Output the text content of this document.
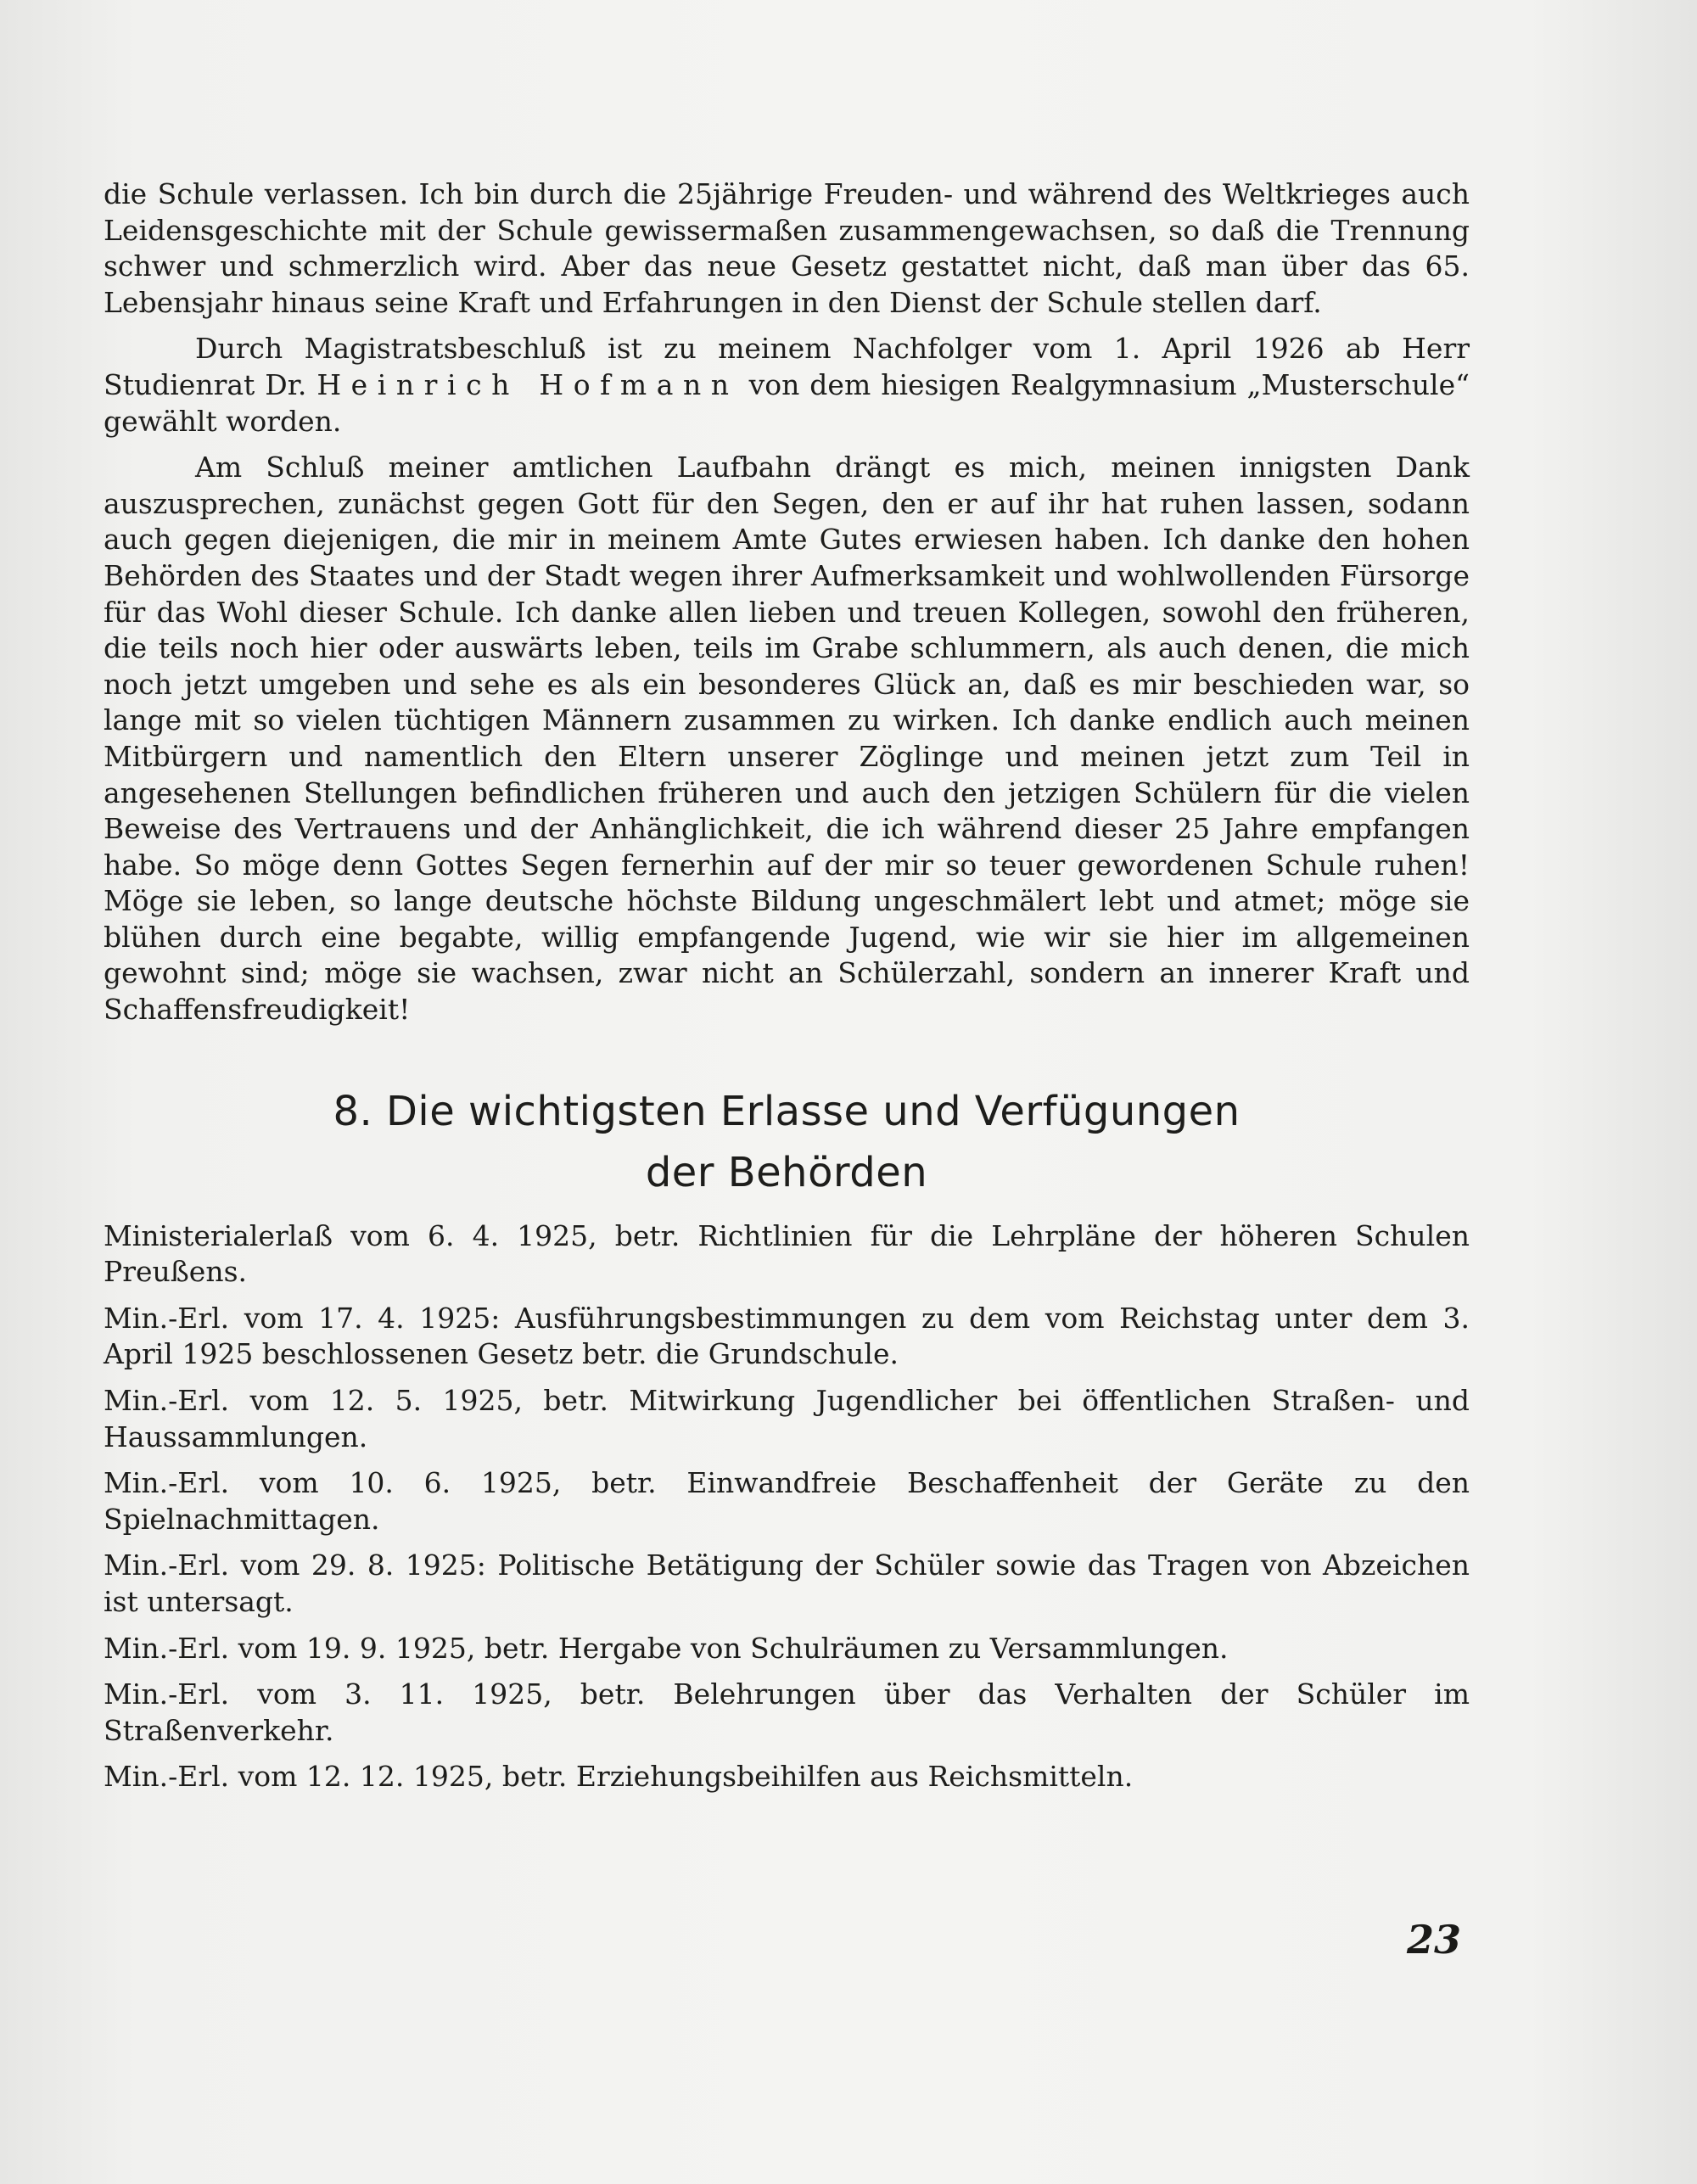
die Schule verlassen. Ich bin durch die 25jährige Freuden- und während des Weltkrieges auch Leidensgeschichte mit der Schule gewissermaßen zusammengewachsen, so daß die Trennung schwer und schmerzlich wird. Aber das neue Gesetz gestattet nicht, daß man über das 65. Lebensjahr hinaus seine Kraft und Erfahrungen in den Dienst der Schule stellen darf.

Durch Magistratsbeschluß ist zu meinem Nachfolger vom 1. April 1926 ab Herr Studienrat Dr. Heinrich Hofmann von dem hiesigen Realgymnasium „Musterschule“ gewählt worden.

Am Schluß meiner amtlichen Laufbahn drängt es mich, meinen innigsten Dank auszusprechen, zunächst gegen Gott für den Segen, den er auf ihr hat ruhen lassen, sodann auch gegen diejenigen, die mir in meinem Amte Gutes erwiesen haben. Ich danke den hohen Behörden des Staates und der Stadt wegen ihrer Aufmerksamkeit und wohlwollenden Fürsorge für das Wohl dieser Schule. Ich danke allen lieben und treuen Kollegen, sowohl den früheren, die teils noch hier oder auswärts leben, teils im Grabe schlummern, als auch denen, die mich noch jetzt umgeben und sehe es als ein besonderes Glück an, daß es mir beschieden war, so lange mit so vielen tüchtigen Männern zusammen zu wirken. Ich danke endlich auch meinen Mitbürgern und namentlich den Eltern unserer Zöglinge und meinen jetzt zum Teil in angesehenen Stellungen befindlichen früheren und auch den jetzigen Schülern für die vielen Beweise des Vertrauens und der Anhänglichkeit, die ich während dieser 25 Jahre empfangen habe. So möge denn Gottes Segen fernerhin auf der mir so teuer gewordenen Schule ruhen! Möge sie leben, so lange deutsche höchste Bildung ungeschmälert lebt und atmet; möge sie blühen durch eine begabte, willig empfangende Jugend, wie wir sie hier im allgemeinen gewohnt sind; möge sie wachsen, zwar nicht an Schülerzahl, sondern an innerer Kraft und Schaffensfreudigkeit!

8. Die wichtigsten Erlasse und Verfügungen
der Behörden

Ministerialerlaß vom 6. 4. 1925, betr. Richtlinien für die Lehrpläne der höheren Schulen Preußens.

Min.-Erl. vom 17. 4. 1925: Ausführungsbestimmungen zu dem vom Reichstag unter dem 3. April 1925 beschlossenen Gesetz betr. die Grundschule.

Min.-Erl. vom 12. 5. 1925, betr. Mitwirkung Jugendlicher bei öffentlichen Straßen- und Haussammlungen.

Min.-Erl. vom 10. 6. 1925, betr. Einwandfreie Beschaffenheit der Geräte zu den Spielnachmittagen.

Min.-Erl. vom 29. 8. 1925: Politische Betätigung der Schüler sowie das Tragen von Abzeichen ist untersagt.

Min.-Erl. vom 19. 9. 1925, betr. Hergabe von Schulräumen zu Versammlungen.

Min.-Erl. vom 3. 11. 1925, betr. Belehrungen über das Verhalten der Schüler im Straßenverkehr.

Min.-Erl. vom 12. 12. 1925, betr. Erziehungsbeihilfen aus Reichsmitteln.

23
